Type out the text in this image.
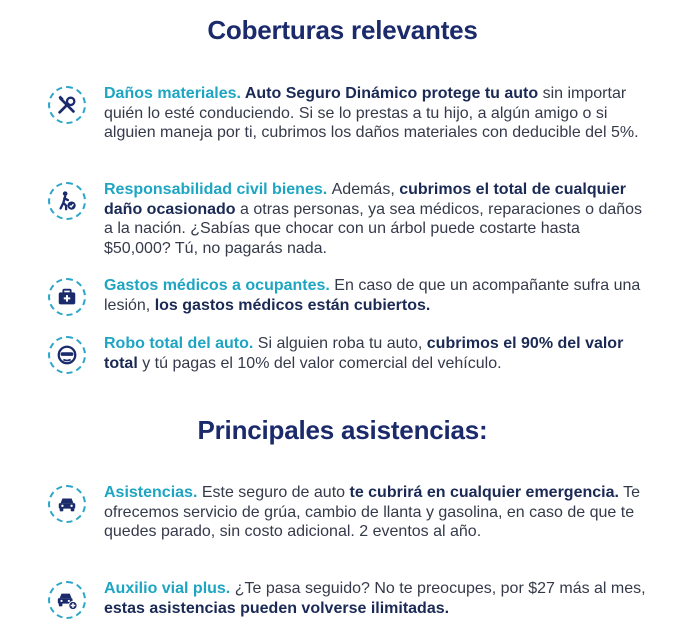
Coberturas relevantes
Daños materiales. Auto Seguro Dinámico protege tu auto sin importar quién lo esté conduciendo. Si se lo prestas a tu hijo, a algún amigo o si alguien maneja por ti, cubrimos los daños materiales con deducible del 5%.
Responsabilidad civil bienes. Además, cubrimos el total de cualquier daño ocasionado a otras personas, ya sea médicos, reparaciones o daños a la nación. ¿Sabías que chocar con un árbol puede costarte hasta $50,000? Tú, no pagarás nada.
Gastos médicos a ocupantes. En caso de que un acompañante sufra una lesión, los gastos médicos están cubiertos.
Robo total del auto. Si alguien roba tu auto, cubrimos el 90% del valor total y tú pagas el 10% del valor comercial del vehículo.
Principales asistencias:
Asistencias. Este seguro de auto te cubrirá en cualquier emergencia. Te ofrecemos servicio de grúa, cambio de llanta y gasolina, en caso de que te quedes parado, sin costo adicional. 2 eventos al año.
Auxilio vial plus. ¿Te pasa seguido? No te preocupes, por $27 más al mes, estas asistencias pueden volverse ilimitadas.
